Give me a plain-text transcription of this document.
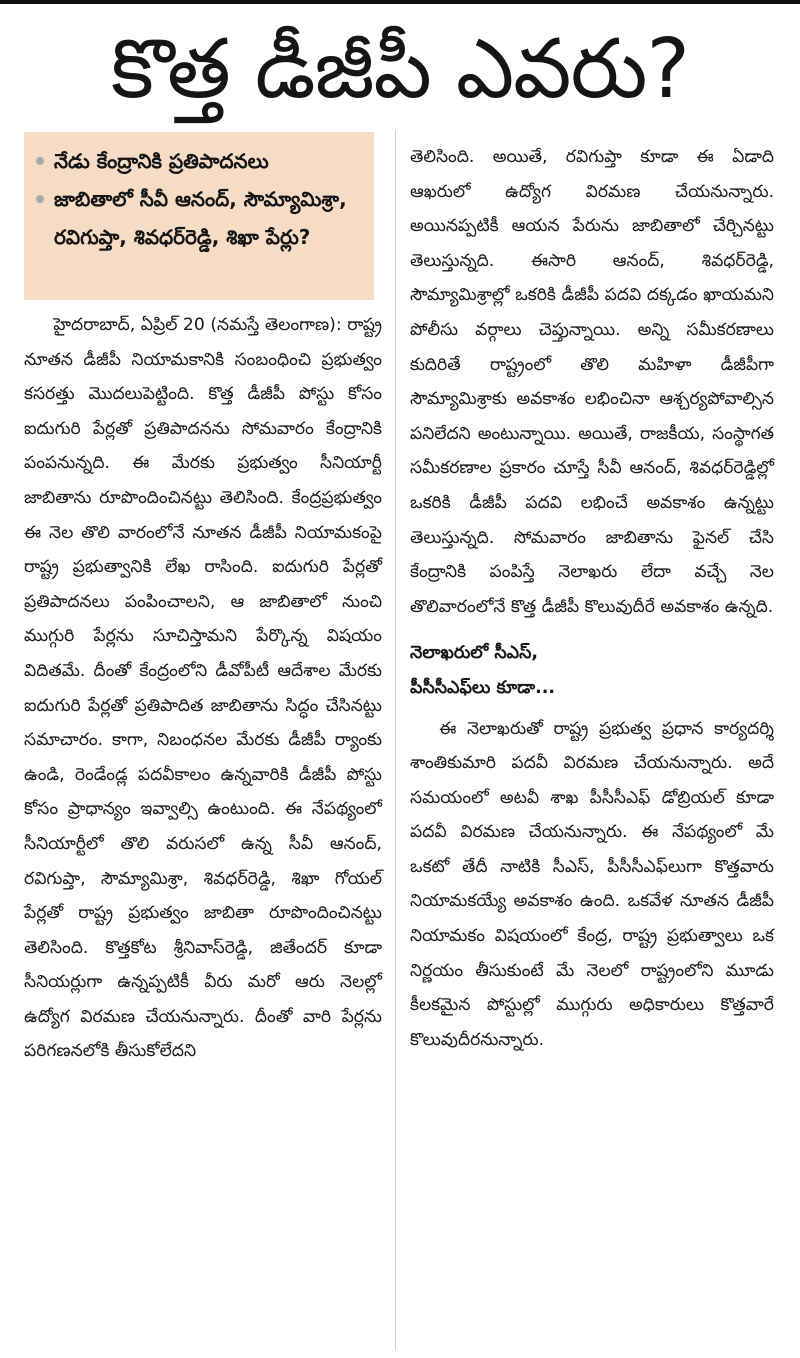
కొత్త డీజీపీ ఎవరు?
నేడు కేంద్రానికి ప్రతిపాదనలు
జాబితాలో సీవీ ఆనంద్, సౌమ్యామిశ్రా, రవిగుప్తా, శివధర్‌రెడ్డి, శిఖా పేర్లు?

హైదరాబాద్, ఏప్రిల్ 20 (నమస్తే తెలంగాణ): రాష్ట్ర నూతన డీజీపీ నియామకానికి సంబంధించి ప్రభుత్వం కసరత్తు మొదలుపెట్టింది. కొత్త డీజీపీ పోస్టు కోసం ఐదుగురి పేర్లతో ప్రతిపాదనను సోమవారం కేంద్రానికి పంపనున్నది. ఈ మేరకు ప్రభుత్వం సీనియార్టీ జాబితాను రూపొందించినట్టు తెలిసింది. కేంద్రప్రభుత్వం ఈ నెల తొలి వారంలోనే నూతన డీజీపీ నియామకంపై రాష్ట్ర ప్రభుత్వానికి లేఖ రాసింది. ఐదుగురి పేర్లతో ప్రతిపాదనలు పంపించాలని, ఆ జాబితాలో నుంచి ముగ్గురి పేర్లను సూచిస్తామని పేర్కొన్న విషయం విదితమే. దీంతో కేంద్రంలోని డీవోపీటీ ఆదేశాల మేరకు ఐదుగురి పేర్లతో ప్రతిపాదిత జాబితాను సిద్ధం చేసినట్టు సమాచారం. కాగా, నిబంధనల మేరకు డీజీపీ ర్యాంకు ఉండి, రెండేండ్ల పదవీకాలం ఉన్నవారికి డీజీపీ పోస్టు కోసం ప్రాధాన్యం ఇవ్వాల్సి ఉంటుంది. ఈ నేపథ్యంలో సీనియార్టీలో తొలి వరుసలో ఉన్న సీవీ ఆనంద్, రవిగుప్తా, సౌమ్యామిశ్రా, శివధర్‌రెడ్డి, శిఖా గోయల్ పేర్లతో రాష్ట్ర ప్రభుత్వం జాబితా రూపొందించినట్టు తెలిసింది. కొత్తకోట శ్రీనివాస్‌రెడ్డి, జితేందర్ కూడా సీనియర్లుగా ఉన్నప్పటికీ వీరు మరో ఆరు నెలల్లో ఉద్యోగ విరమణ చేయనున్నారు. దీంతో వారి పేర్లను పరిగణనలోకి తీసుకోలేదని

తెలిసింది. అయితే, రవిగుప్తా కూడా ఈ ఏడాది ఆఖరులో ఉద్యోగ విరమణ చేయనున్నారు. అయినప్పటికీ ఆయన పేరును జాబితాలో చేర్చినట్టు తెలుస్తున్నది. ఈసారి ఆనంద్, శివధర్‌రెడ్డి, సౌమ్యామిశ్రాల్లో ఒకరికి డీజీపీ పదవి దక్కడం ఖాయమని పోలీసు వర్గాలు చెప్తున్నాయి. అన్ని సమీకరణాలు కుదిరితే రాష్ట్రంలో తొలి మహిళా డీజీపీగా సౌమ్యామిశ్రాకు అవకాశం లభించినా ఆశ్చర్యపోవాల్సిన పనిలేదని అంటున్నాయి. అయితే, రాజకీయ, సంస్థాగత సమీకరణాల ప్రకారం చూస్తే సీవీ ఆనంద్, శివధర్‌రెడ్డిల్లో ఒకరికి డీజీపీ పదవి లభించే అవకాశం ఉన్నట్టు తెలుస్తున్నది. సోమవారం జాబితాను ఫైనల్ చేసి కేంద్రానికి పంపిస్తే నెలాఖరు లేదా వచ్చే నెల తొలివారంలోనే కొత్త డీజీపీ కొలువుదీరే అవకాశం ఉన్నది.

నెలాఖరులో సీఎస్,
పీసీసీఎఫ్‌లు కూడా...

ఈ నెలాఖరుతో రాష్ట్ర ప్రభుత్వ ప్రధాన కార్యదర్శి శాంతికుమారి పదవీ విరమణ చేయనున్నారు. అదే సమయంలో అటవీ శాఖ పీసీసీఎఫ్ డోబ్రియల్ కూడా పదవీ విరమణ చేయనున్నారు. ఈ నేపథ్యంలో మే ఒకటో తేదీ నాటికి సీఎస్, పీసీసీఎఫ్‌లుగా కొత్తవారు నియామకయ్యే అవకాశం ఉంది. ఒకవేళ నూతన డీజీపీ నియామకం విషయంలో కేంద్ర, రాష్ట్ర ప్రభుత్వాలు ఒక నిర్ణయం తీసుకుంటే మే నెలలో రాష్ట్రంలోని మూడు కీలకమైన పోస్టుల్లో ముగ్గురు అధికారులు కొత్తవారే కొలువుదీరనున్నారు.
